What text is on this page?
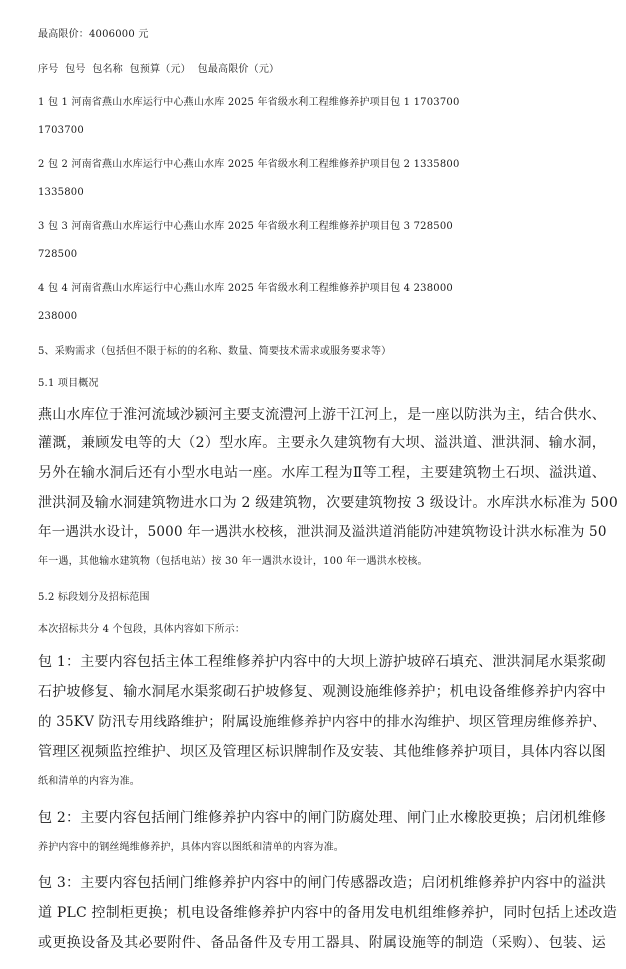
最高限价：4006000 元
序号  包号  包名称  包预算（元）  包最高限价（元）
1 包 1 河南省燕山水库运行中心燕山水库 2025 年省级水利工程维修养护项目包 1 1703700
1703700
2 包 2 河南省燕山水库运行中心燕山水库 2025 年省级水利工程维修养护项目包 2 1335800
1335800
3 包 3 河南省燕山水库运行中心燕山水库 2025 年省级水利工程维修养护项目包 3 728500
728500
4 包 4 河南省燕山水库运行中心燕山水库 2025 年省级水利工程维修养护项目包 4 238000
238000
5、采购需求（包括但不限于标的的名称、数量、简要技术需求或服务要求等）
5.1 项目概况
燕山水库位于淮河流域沙颍河主要支流澧河上游干江河上，是一座以防洪为主，结合供水、
灌溉，兼顾发电等的大（2）型水库。主要永久建筑物有大坝、溢洪道、泄洪洞、输水洞，
另外在输水洞后还有小型水电站一座。水库工程为Ⅱ等工程，主要建筑物土石坝、溢洪道、
泄洪洞及输水洞建筑物进水口为 2 级建筑物，次要建筑物按 3 级设计。水库洪水标准为 500
年一遇洪水设计，5000 年一遇洪水校核，泄洪洞及溢洪道消能防冲建筑物设计洪水标准为 50
年一遇，其他输水建筑物（包括电站）按 30 年一遇洪水设计，100 年一遇洪水校核。
5.2 标段划分及招标范围
本次招标共分 4 个包段，具体内容如下所示：
包 1：主要内容包括主体工程维修养护内容中的大坝上游护坡碎石填充、泄洪洞尾水渠浆砌
石护坡修复、输水洞尾水渠浆砌石护坡修复、观测设施维修养护；机电设备维修养护内容中
的 35KV 防汛专用线路维护；附属设施维修养护内容中的排水沟维护、坝区管理房维修养护、
管理区视频监控维护、坝区及管理区标识牌制作及安装、其他维修养护项目，具体内容以图
纸和清单的内容为准。
包 2：主要内容包括闸门维修养护内容中的闸门防腐处理、闸门止水橡胶更换；启闭机维修
养护内容中的钢丝绳维修养护，具体内容以图纸和清单的内容为准。
包 3：主要内容包括闸门维修养护内容中的闸门传感器改造；启闭机维修养护内容中的溢洪
道 PLC 控制柜更换；机电设备维修养护内容中的备用发电机组维修养护，同时包括上述改造
或更换设备及其必要附件、备品备件及专用工器具、附属设施等的制造（采购）、包装、运
